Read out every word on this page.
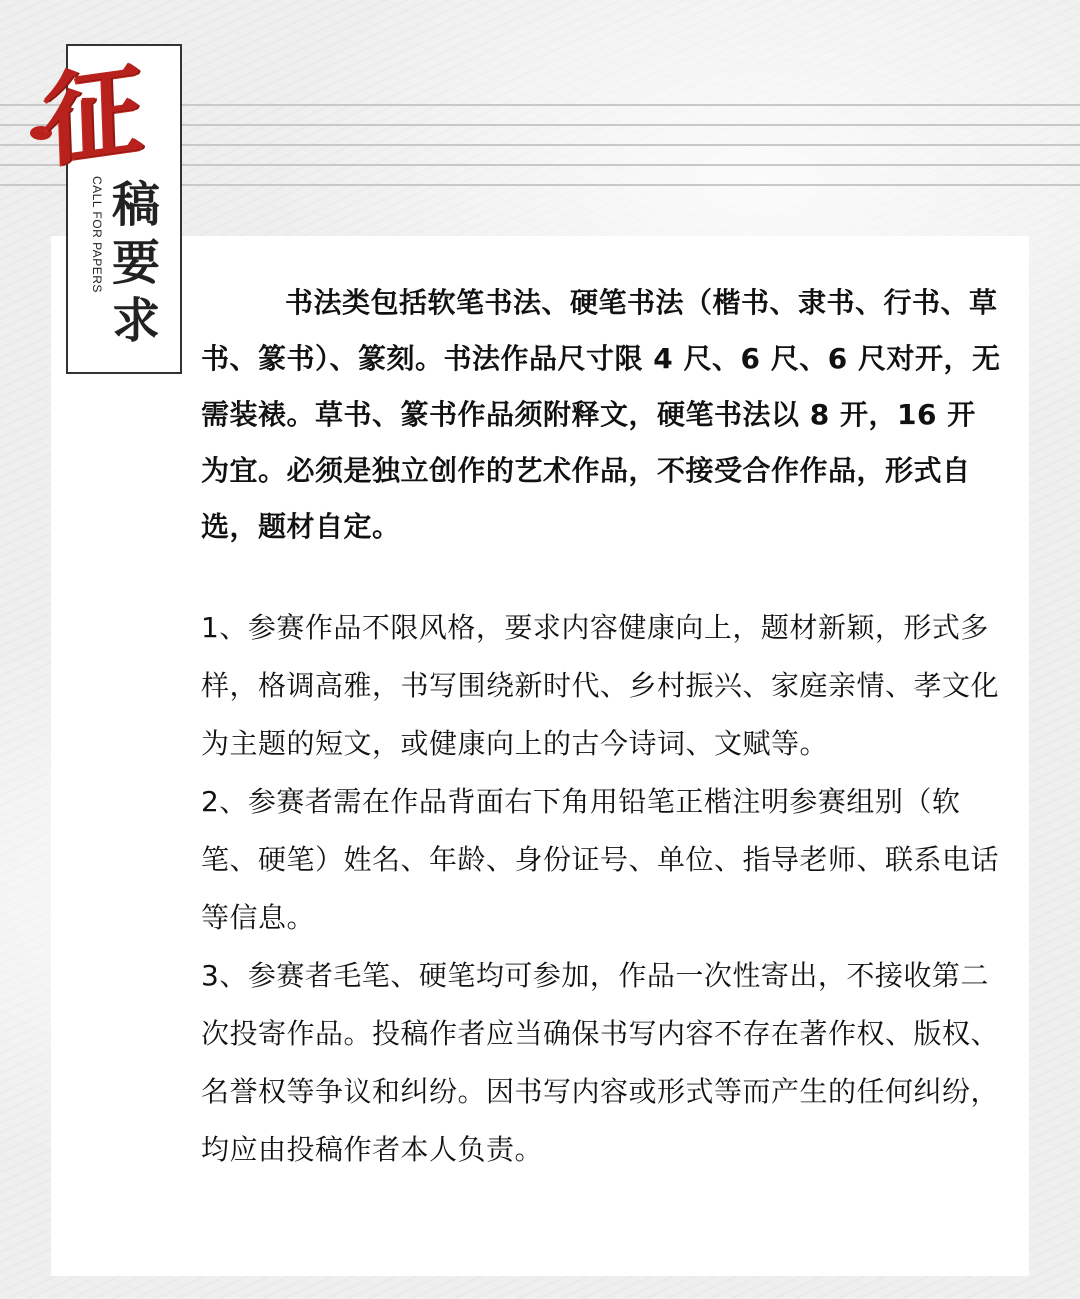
征
CALL FOR PAPERS 稿
要
求	书法类包括软笔书法、硬笔书法（楷书、隶书、行书、草书、篆书）、篆刻。书法作品尺寸限 4 尺、6 尺、6 尺对开，无需装裱。草书、篆书作品须附释文，硬笔书法以 8 开，16 开为宜。必须是独立创作的艺术作品，不接受合作作品，形式自选，题材自定。

1、参赛作品不限风格，要求内容健康向上，题材新颖，形式多样，格调高雅，书写围绕新时代、乡村振兴、家庭亲情、孝文化为主题的短文，或健康向上的古今诗词、文赋等。

2、参赛者需在作品背面右下角用铅笔正楷注明参赛组别（软笔、硬笔）姓名、年龄、身份证号、单位、指导老师、联系电话等信息。

3、参赛者毛笔、硬笔均可参加，作品一次性寄出，不接收第二次投寄作品。投稿作者应当确保书写内容不存在著作权、版权、名誉权等争议和纠纷。因书写内容或形式等而产生的任何纠纷，均应由投稿作者本人负责。
